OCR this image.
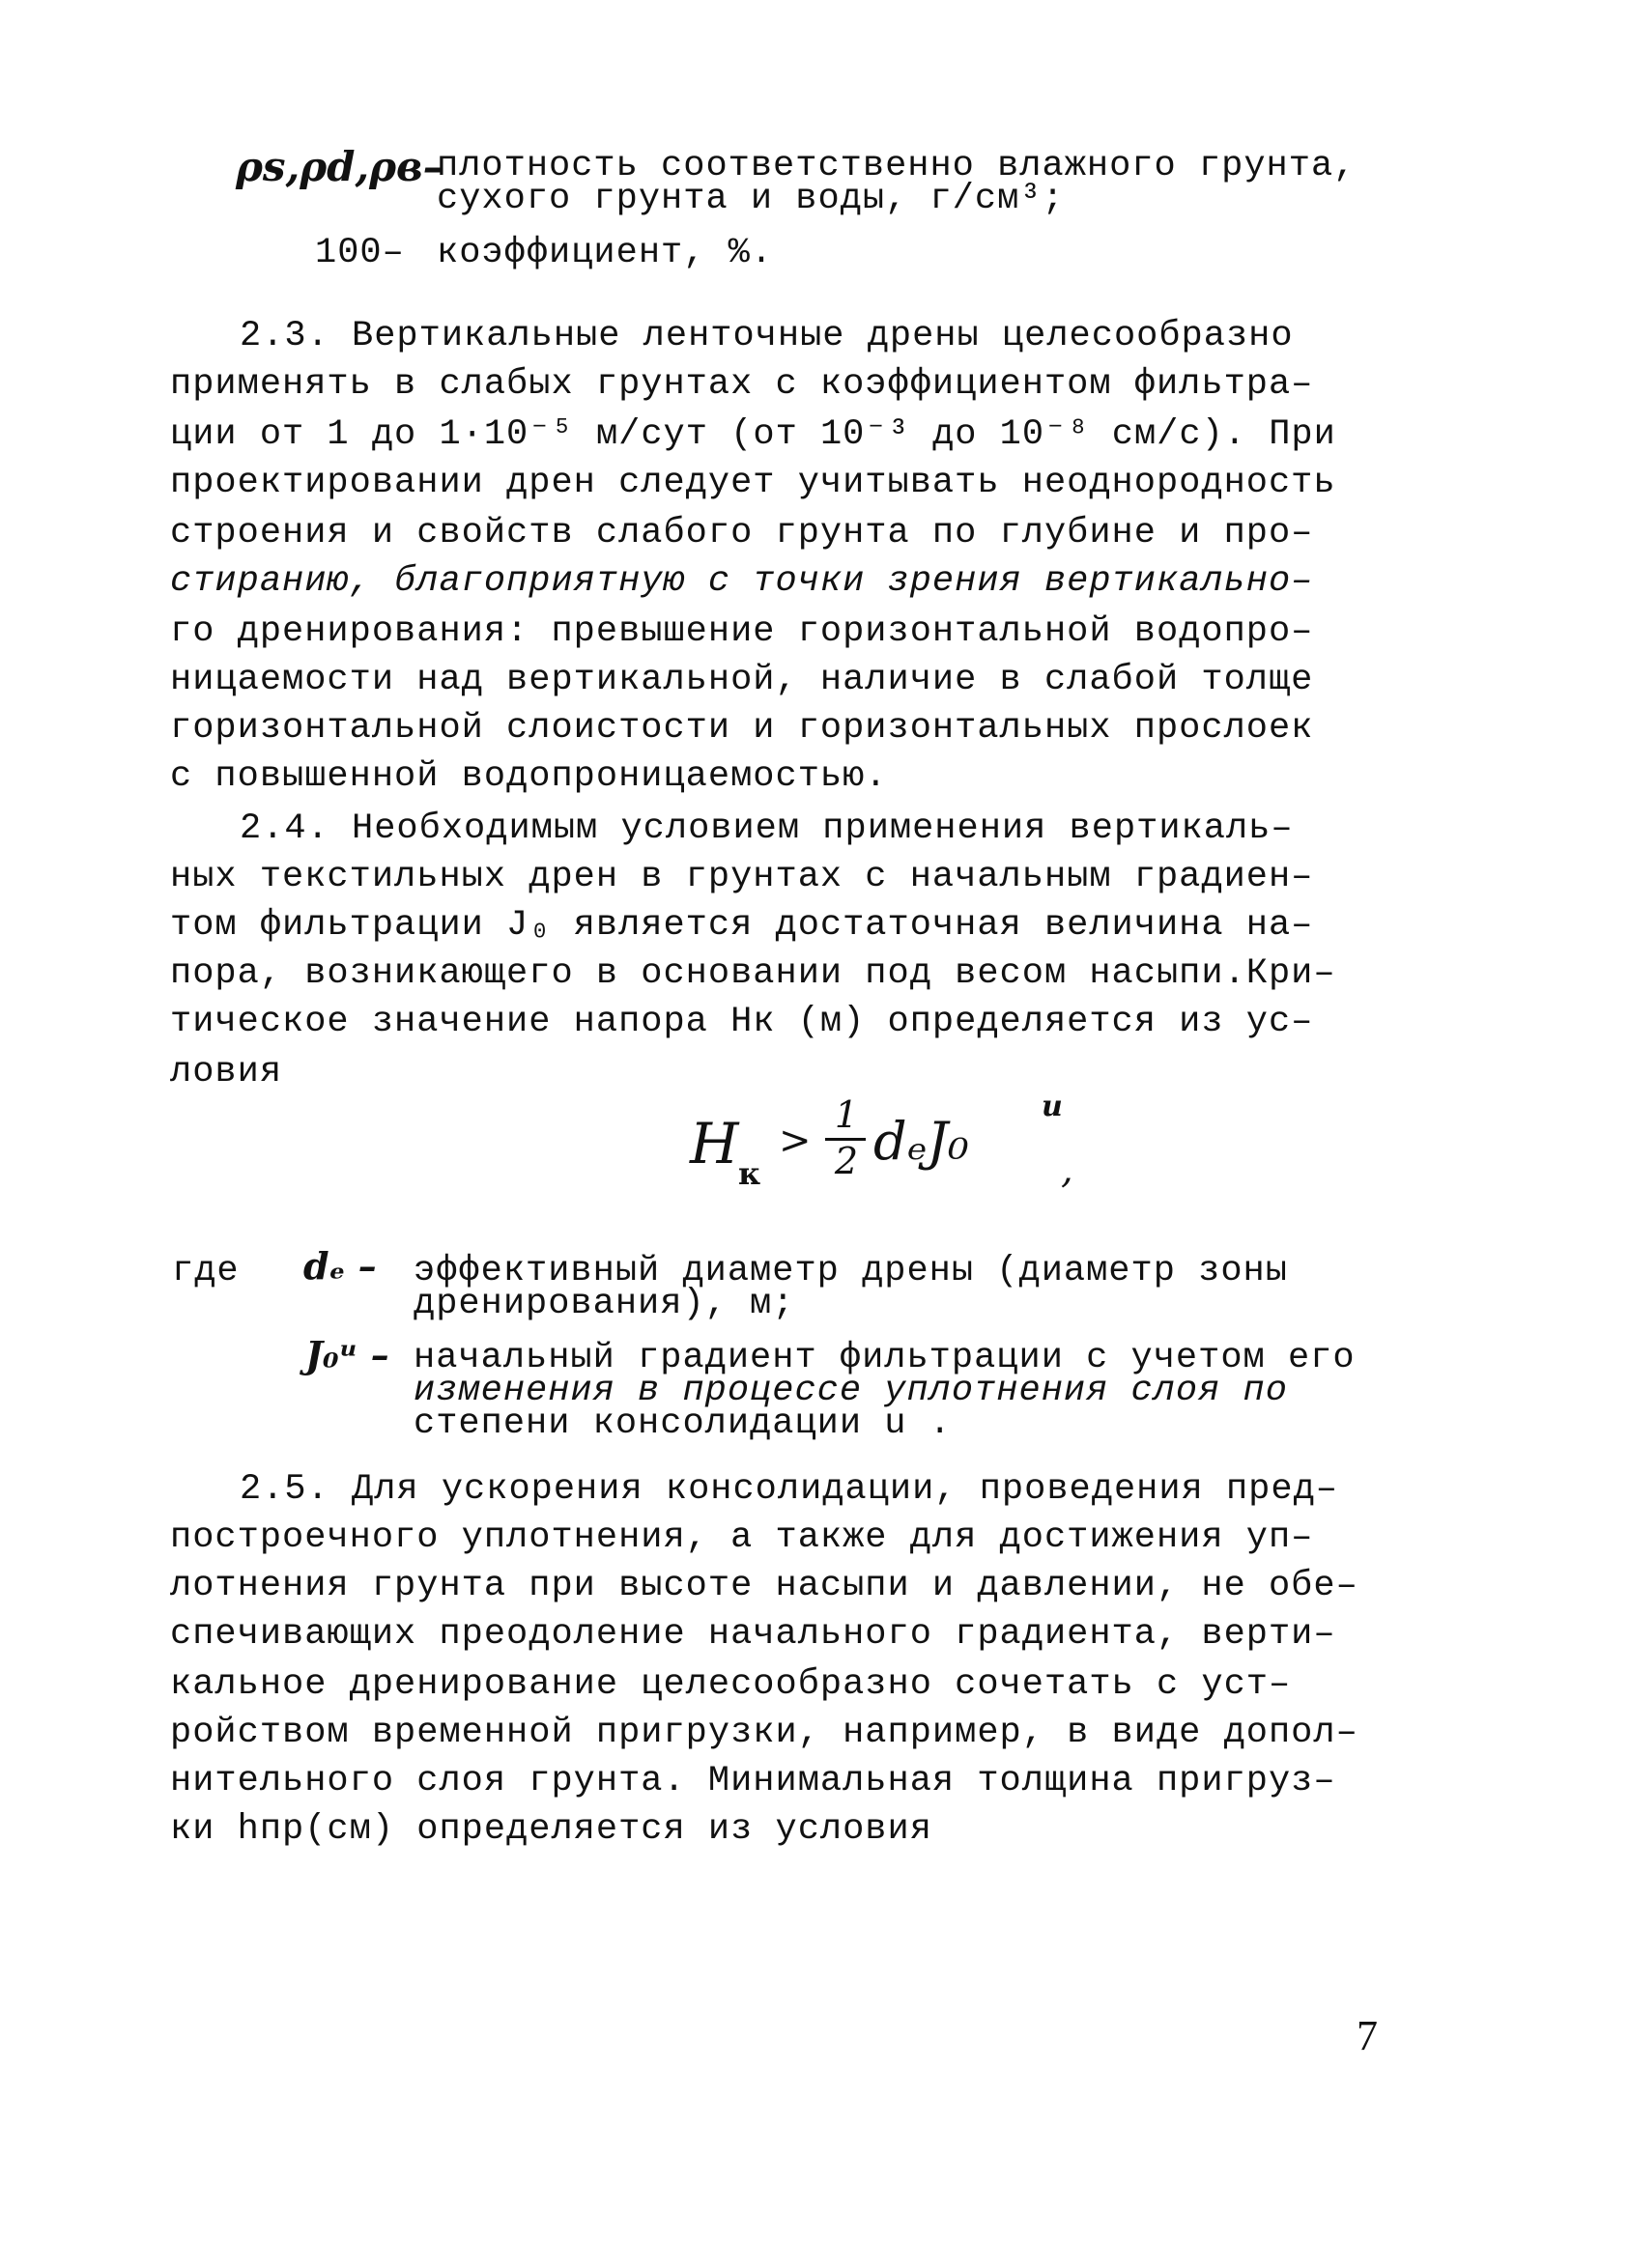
ρs,ρd,ρв–
плотность соответственно влажного грунта,
сухого грунта и воды, г/см³;
100– коэффициент, %.
2.3. Вертикальные ленточные дрены целесообразно
применять в слабых грунтах с коэффициентом фильтра–
ции от 1 до 1·10⁻⁵ м/сут (от 10⁻³ до 10⁻⁸ см/с). При
проектировании дрен следует учитывать неоднородность
строения и свойств слабого грунта по глубине и про–
стиранию, благоприятную с точки зрения вертикально–
го дренирования: превышение горизонтальной водопро–
ницаемости над вертикальной, наличие в слабой толще
горизонтальной слоистости и горизонтальных прослоек
с повышенной водопроницаемостью.
2.4. Необходимым условием применения вертикаль–
ных текстильных дрен в грунтах с начальным градиен–
том фильтрации J₀ является достаточная величина на–
пора, возникающего в основании под весом насыпи.Кри–
тическое значение напора Hк (м) определяется из ус–
ловия
H к
>
1
2 dₑJ₀
u
,
где dₑ – эффективный диаметр дрены (диаметр зоны
дренирования), м;
J₀ᵘ – начальный градиент фильтрации с учетом его
изменения в процессе уплотнения слоя по
степени консолидации u .
2.5. Для ускорения консолидации, проведения пред–
построечного уплотнения, а также для достижения уп–
лотнения грунта при высоте насыпи и давлении, не обе–
спечивающих преодоление начального градиента, верти–
кальное дренирование целесообразно сочетать с уст–
ройством временной пригрузки, например, в виде допол–
нительного слоя грунта. Минимальная толщина пригруз–
ки hпр(см) определяется из условия
7
